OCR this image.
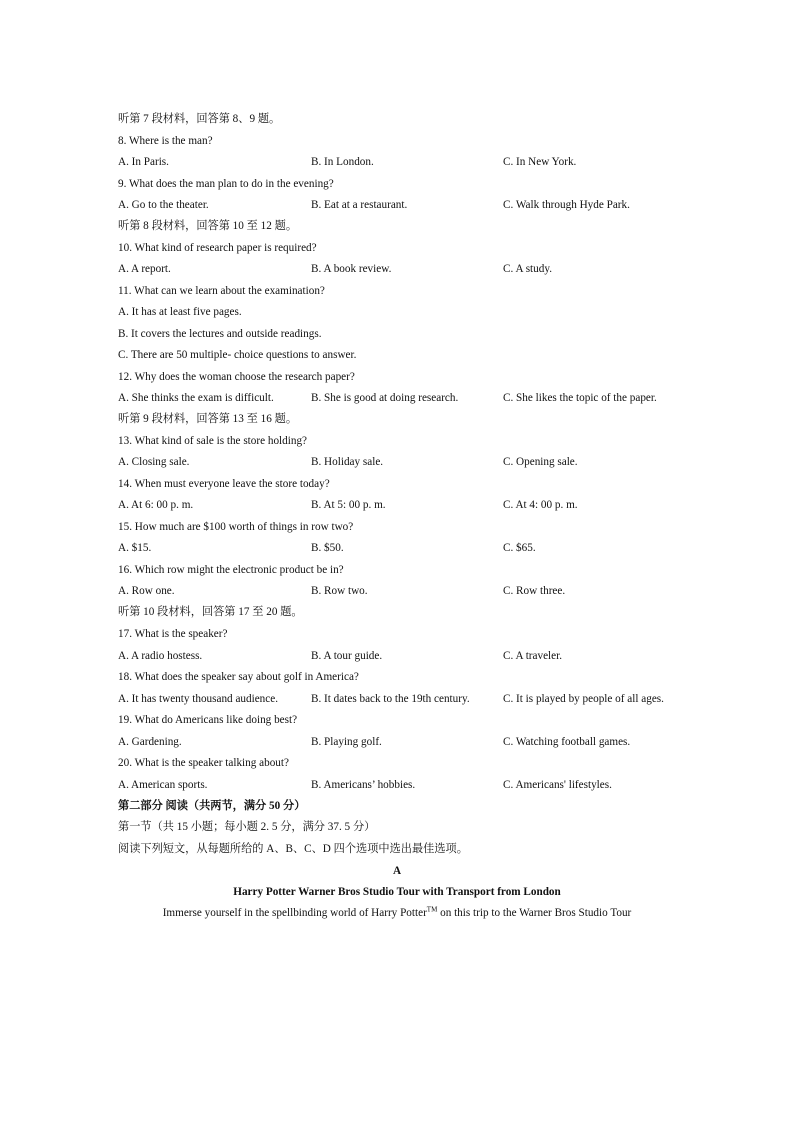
听第 7 段材料，回答第 8、9 题。
8. Where is the man?
A. In Paris.	B. In London.	C. In New York.
9. What does the man plan to do in the evening?
A. Go to the theater.	B. Eat at a restaurant.	C. Walk through Hyde Park.
听第 8 段材料，回答第 10 至 12 题。
10. What kind of research paper is required?
A. A report.	B. A book review.	C. A study.
11. What can we learn about the examination?
A. It has at least five pages.
B. It covers the lectures and outside readings.
C. There are 50 multiple- choice questions to answer.
12. Why does the woman choose the research paper?
A. She thinks the exam is difficult.	B. She is good at doing research.	C. She likes the topic of the paper.
听第 9 段材料，回答第 13 至 16 题。
13. What kind of sale is the store holding?
A. Closing sale.	B. Holiday sale.	C. Opening sale.
14. When must everyone leave the store today?
A. At 6: 00 p. m.	B. At 5: 00 p. m.	C. At 4: 00 p. m.
15. How much are $100 worth of things in row two?
A. $15.	B. $50.	C. $65.
16. Which row might the electronic product be in?
A. Row one.	B. Row two.	C. Row three.
听第 10 段材料，回答第 17 至 20 题。
17. What is the speaker?
A. A radio hostess.	B. A tour guide.	C. A traveler.
18. What does the speaker say about golf in America?
A. It has twenty thousand audience.	B. It dates back to the 19th century.	C. It is played by people of all ages.
19. What do Americans like doing best?
A. Gardening.	B. Playing golf.	C. Watching football games.
20. What is the speaker talking about?
A. American sports.	B. Americans’ hobbies.	C. Americans' lifestyles.
第二部分 阅读（共两节，满分 50 分）
第一节（共 15 小题；每小题 2. 5 分，满分 37. 5 分）
阅读下列短文，从每题所给的 A、B、C、D 四个选项中选出最佳选项。
A
Harry Potter Warner Bros Studio Tour with Transport from London
Immerse yourself in the spellbinding world of Harry Potter™ on this trip to the Warner Bros Studio Tour
